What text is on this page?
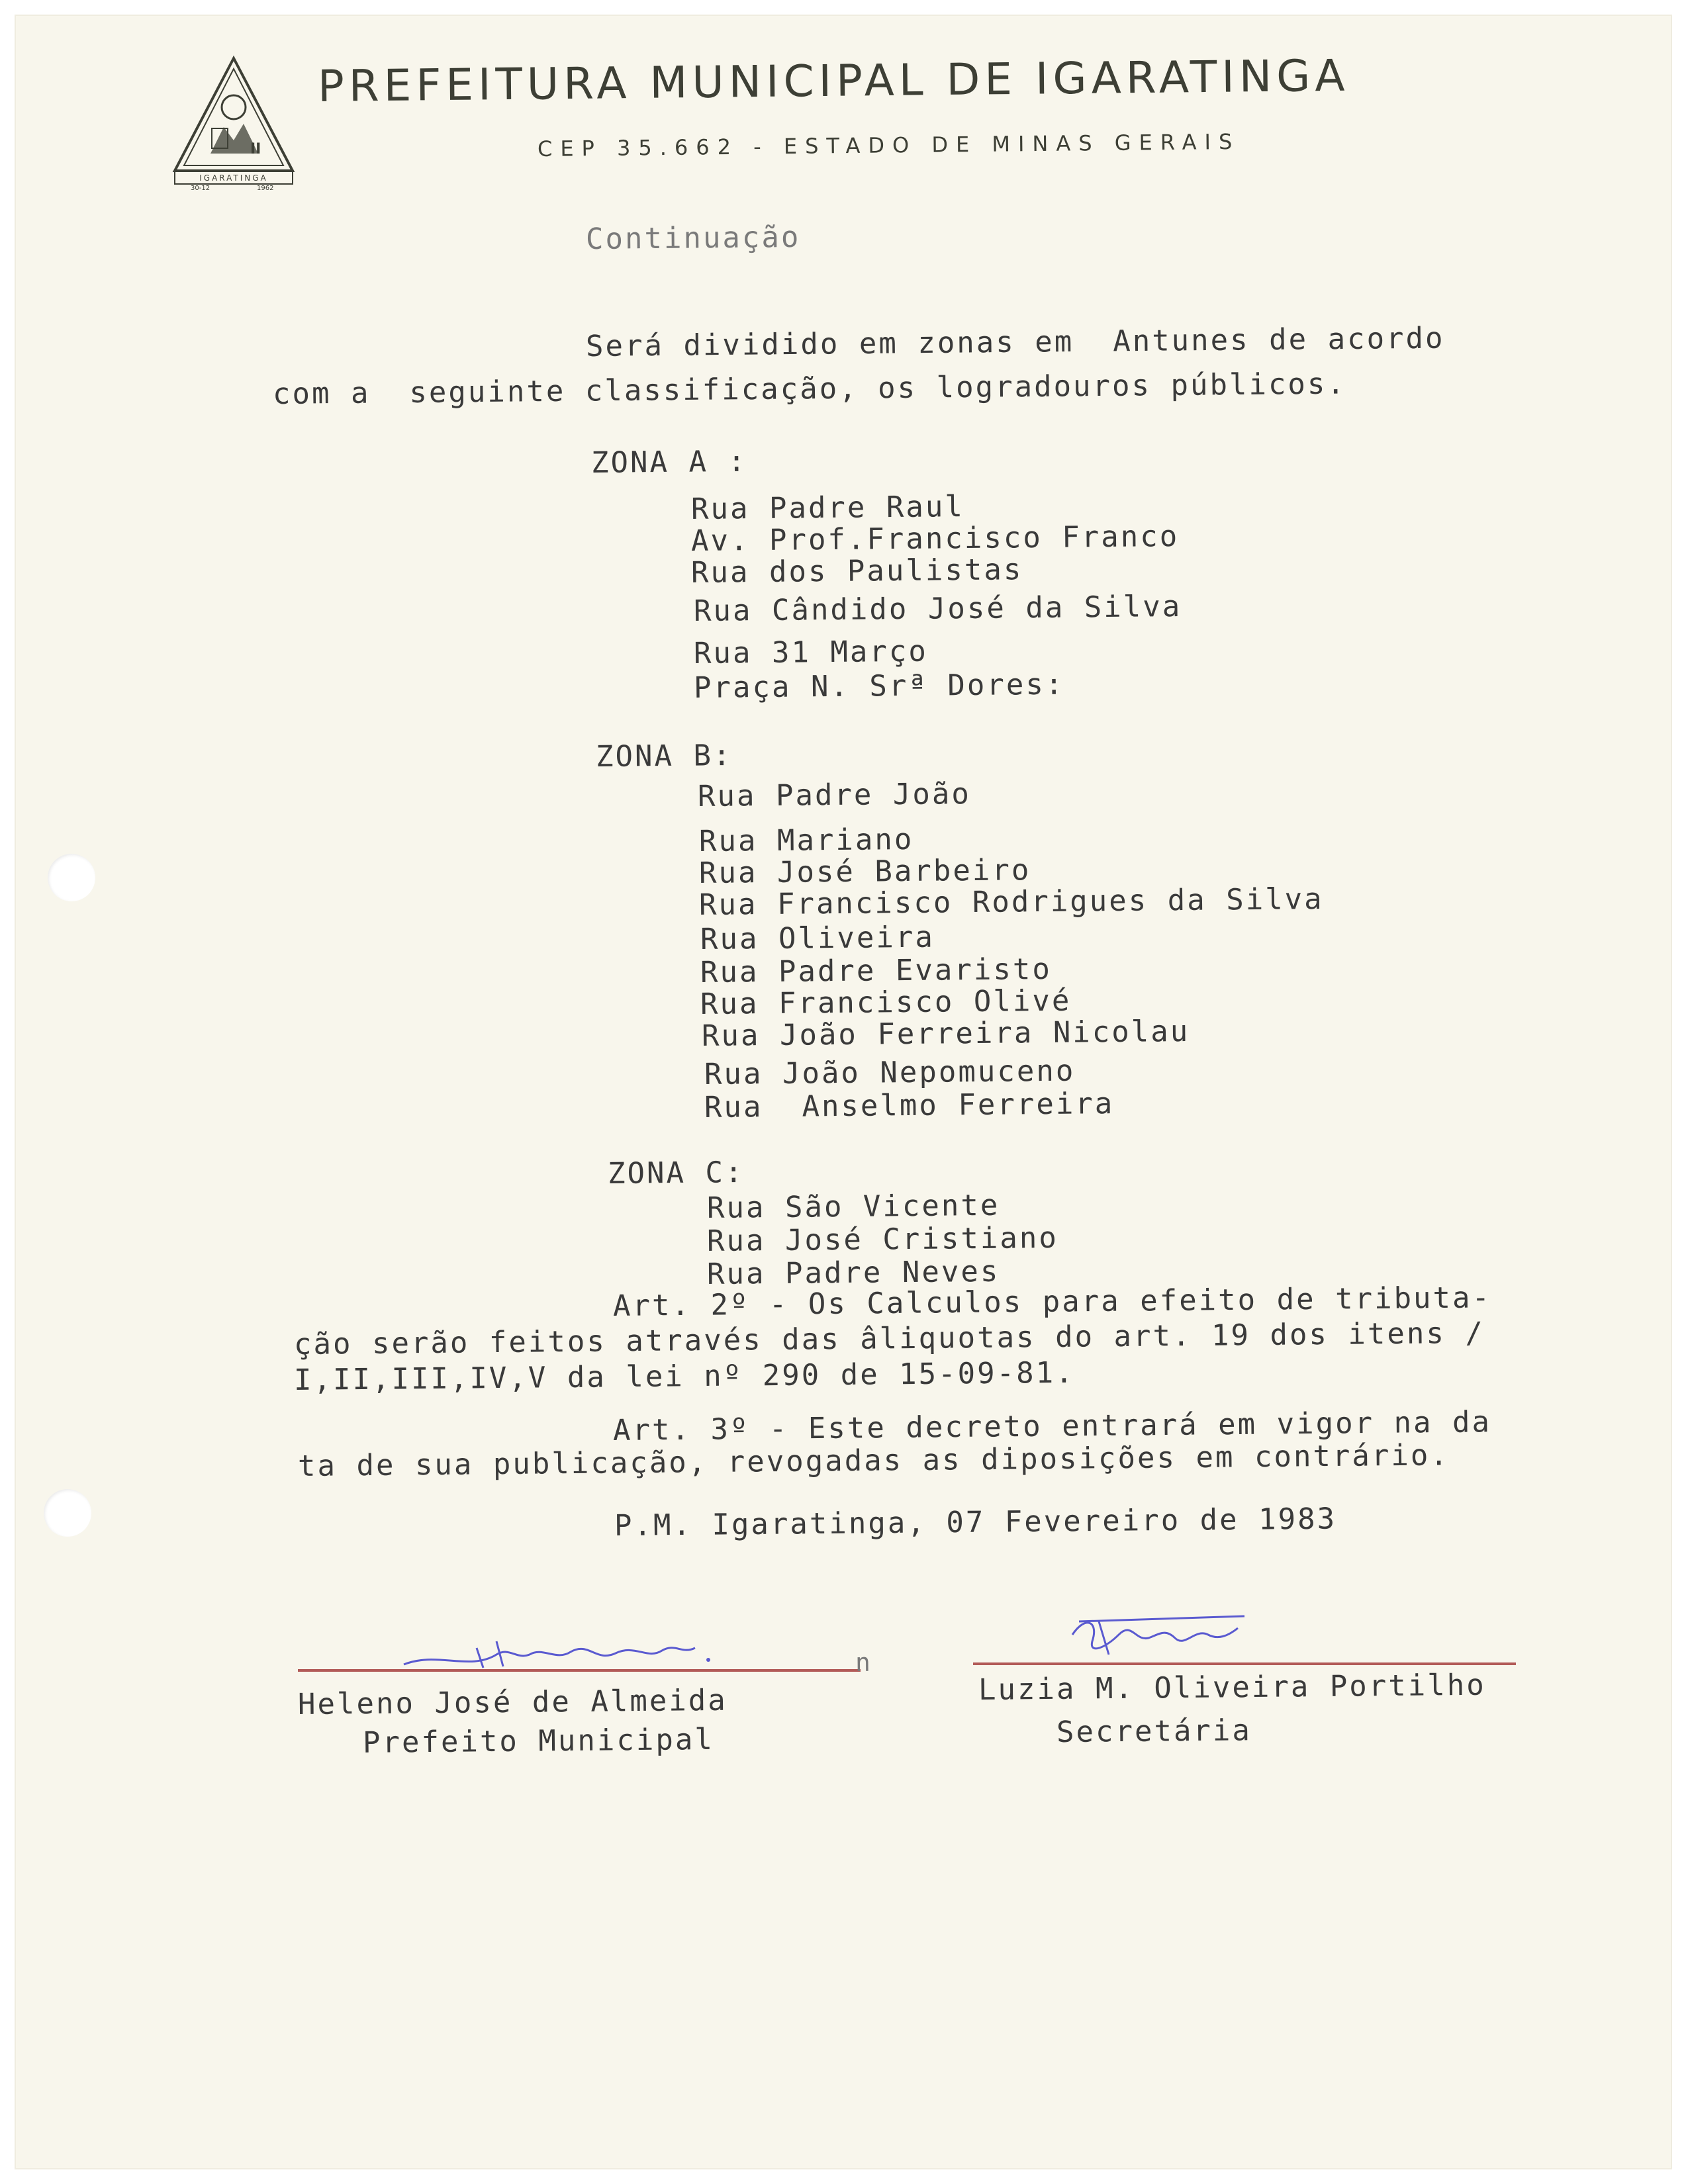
II
IGARATINGA
30-12	1962
PREFEITURA MUNICIPAL DE IGARATINGA
CEP 35.662 - ESTADO DE MINAS GERAIS
Continuação
Será dividido em zonas em  Antunes de acordo
com a  seguinte classificação, os logradouros públicos.
ZONA A :
Rua Padre Raul
Av. Prof.Francisco Franco
Rua dos Paulistas
Rua Cândido José da Silva
Rua 31 Março
Praça N. Srª Dores:
ZONA B:
Rua Padre João
Rua Mariano
Rua José Barbeiro
Rua Francisco Rodrigues da Silva
Rua Oliveira
Rua Padre Evaristo
Rua Francisco Olivé
Rua João Ferreira Nicolau
Rua João Nepomuceno
Rua  Anselmo Ferreira
ZONA C:
Rua São Vicente
Rua José Cristiano
Rua Padre Neves
Art. 2º - Os Calculos para efeito de tributa-
ção serão feitos através das âliquotas do art. 19 dos itens /
I,II,III,IV,V da lei nº 290 de 15-09-81.
Art. 3º - Este decreto entrará em vigor na da
ta de sua publicação, revogadas as diposições em contrário.
P.M. Igaratinga, 07 Fevereiro de 1983
n
Heleno José de Almeida
Prefeito Municipal
Luzia M. Oliveira Portilho
Secretária
